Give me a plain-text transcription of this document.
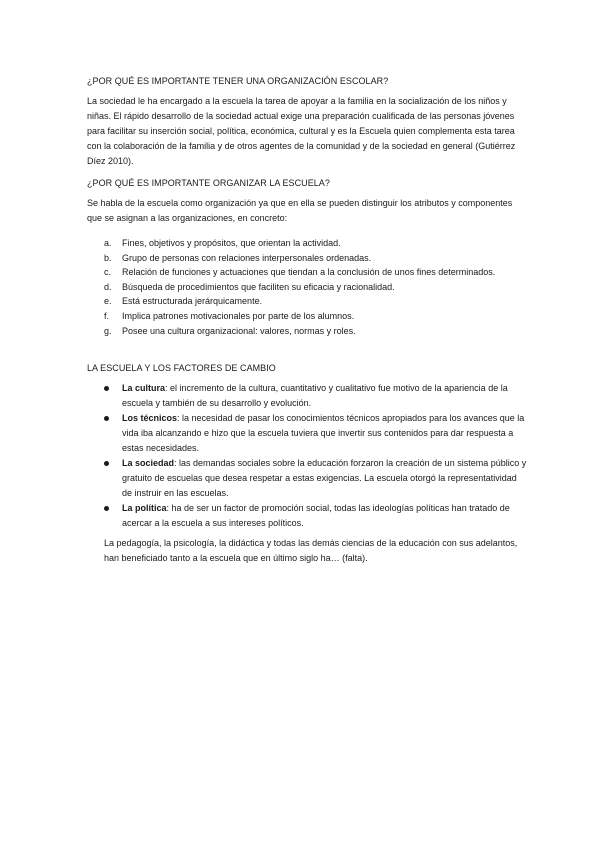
¿POR QUÉ ES IMPORTANTE TENER UNA ORGANIZACIÓN ESCOLAR?

La sociedad le ha encargado a la escuela la tarea de apoyar a la familia en la socialización de los niños y niñas. El rápido desarrollo de la sociedad actual exige una preparación cualificada de las personas jóvenes para facilitar su inserción social, política, económica, cultural y es la Escuela quien complementa esta tarea con la colaboración de la familia y de otros agentes de la comunidad y de la sociedad en general (Gutiérrez Díez 2010).

¿POR QUÉ ES IMPORTANTE ORGANIZAR LA ESCUELA?

Se habla de la escuela como organización ya que en ella se pueden distinguir los atributos y componentes que se asignan a las organizaciones, en concreto:

a. Fines, objetivos y propósitos, que orientan la actividad.
b. Grupo de personas con relaciones interpersonales ordenadas.
c. Relación de funciones y actuaciones que tiendan a la conclusión de unos fines determinados.
d. Búsqueda de procedimientos que faciliten su eficacia y racionalidad.
e. Está estructurada jerárquicamente.
f. Implica patrones motivacionales por parte de los alumnos.
g. Posee una cultura organizacional: valores, normas y roles.
LA ESCUELA Y LOS FACTORES DE CAMBIO
La cultura: el incremento de la cultura, cuantitativo y cualitativo fue motivo de la apariencia de la escuela y también de su desarrollo y evolución.
Los técnicos: la necesidad de pasar los conocimientos técnicos apropiados para los avances que la vida iba alcanzando e hizo que la escuela tuviera que invertir sus contenidos para dar respuesta a estas necesidades.
La sociedad: las demandas sociales sobre la educación forzaron la creación de un sistema público y gratuito de escuelas que desea respetar a estas exigencias. La escuela otorgó la representatividad de instruir en las escuelas.
La política: ha de ser un factor de promoción social, todas las ideologías políticas han tratado de acercar a la escuela a sus intereses políticos.

La pedagogía, la psicología, la didáctica y todas las demás ciencias de la educación con sus adelantos, han beneficiado tanto a la escuela que en último siglo ha… (falta).
